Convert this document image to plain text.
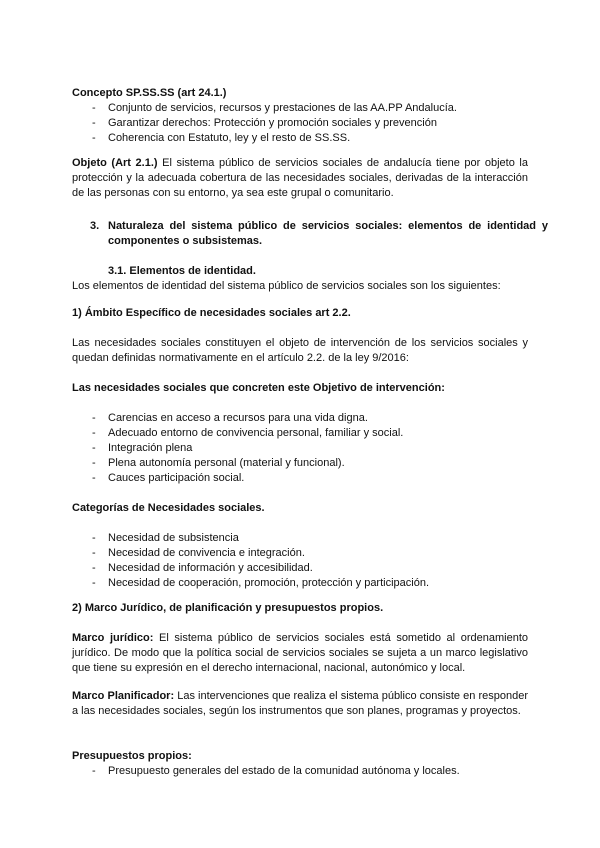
Concepto SP.SS.SS (art 24.1.)
- Conjunto de servicios, recursos y prestaciones de las AA.PP Andalucía.
- Garantizar derechos: Protección y promoción sociales y prevención
- Coherencia con Estatuto, ley y el resto de SS.SS.
Objeto (Art 2.1.) El sistema público de servicios sociales de andalucía tiene por objeto la protección y la adecuada cobertura de las necesidades sociales, derivadas de la interacción de las personas con su entorno, ya sea este grupal o comunitario.
3. Naturaleza del sistema público de servicios sociales: elementos de identidad y componentes o subsistemas.
3.1. Elementos de identidad.
Los elementos de identidad del sistema público de servicios sociales son los siguientes:
1) Ámbito Específico de necesidades sociales art 2.2.
Las necesidades sociales constituyen el objeto de intervención de los servicios sociales y quedan definidas normativamente en el artículo 2.2. de la ley 9/2016:
Las necesidades sociales que concreten este Objetivo de intervención:
- Carencias en acceso a recursos para una vida digna.
- Adecuado entorno de convivencia personal, familiar y social.
- Integración plena
- Plena autonomía personal (material y funcional).
- Cauces participación social.
Categorías de Necesidades sociales.
- Necesidad de subsistencia
- Necesidad de convivencia e integración.
- Necesidad de información y accesibilidad.
- Necesidad de cooperación, promoción, protección y participación.
2) Marco Jurídico, de planificación y presupuestos propios.
Marco jurídico: El sistema público de servicios sociales está sometido al ordenamiento jurídico. De modo que la política social de servicios sociales se sujeta a un marco legislativo que tiene su expresión en el derecho internacional, nacional, autonómico y local.
Marco Planificador: Las intervenciones que realiza el sistema público consiste en responder a las necesidades sociales, según los instrumentos que son planes, programas y proyectos.
Presupuestos propios:
- Presupuesto generales del estado de la comunidad autónoma y locales.
